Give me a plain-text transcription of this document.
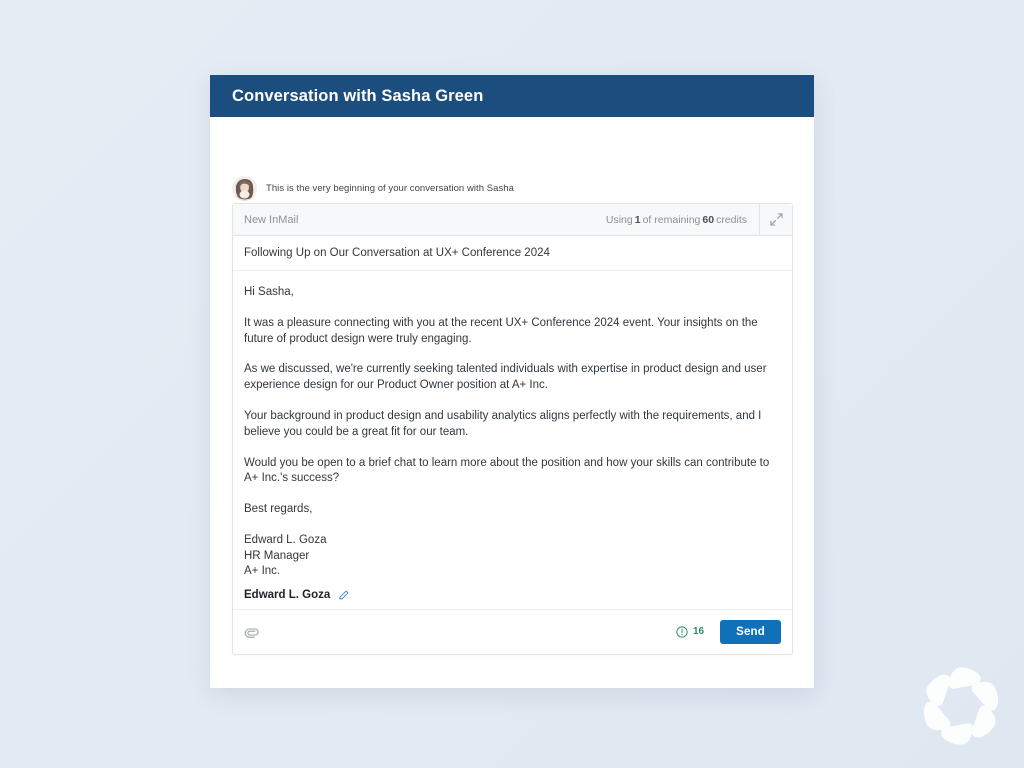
Conversation with Sasha Green
This is the very beginning of your conversation with Sasha
New InMail	Using 1 of remaining 60 credits
Following Up on Our Conversation at UX+ Conference 2024

Hi Sasha,

It was a pleasure connecting with you at the recent UX+ Conference 2024 event. Your insights on the future of product design were truly engaging.

As we discussed, we're currently seeking talented individuals with expertise in product design and user experience design for our Product Owner position at A+ Inc.

Your background in product design and usability analytics aligns perfectly with the requirements, and I believe you could be a great fit for our team.

Would you be open to a brief chat to learn more about the position and how your skills can contribute to A+ Inc.'s success?

Best regards,

Edward L. Goza
HR Manager
A+ Inc.
Edward L. Goza
16	Send
